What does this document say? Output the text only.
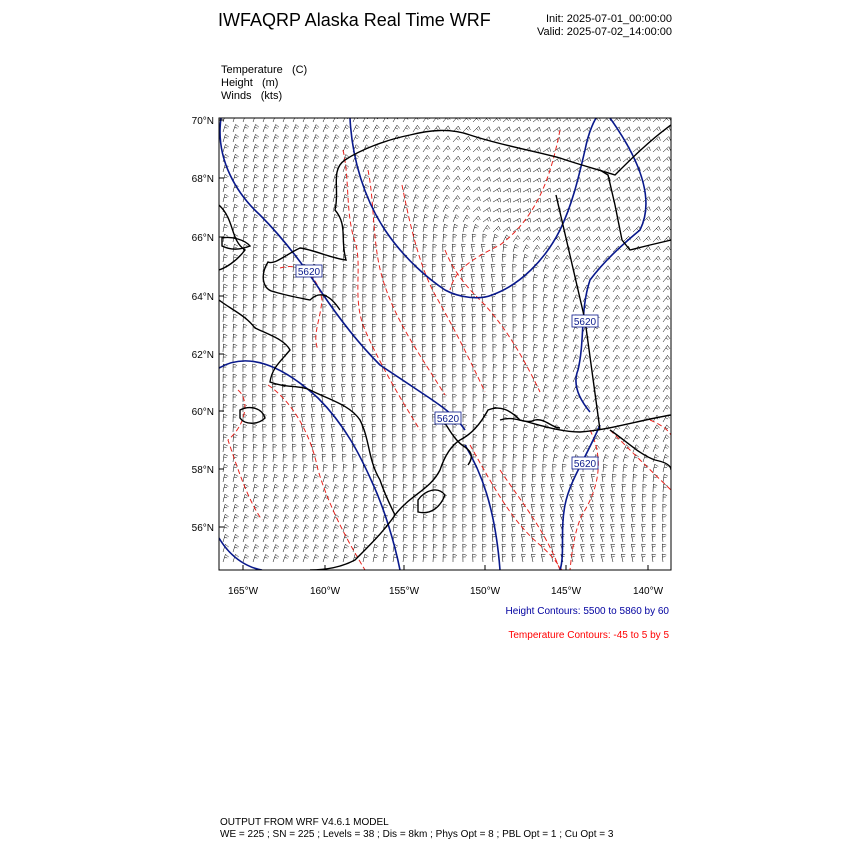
IWFAQRP Alaska Real Time WRF	Init: 2025-07-01_00:00:00
Valid: 2025-07-02_14:00:00
Temperature (C)
Height (m)
Winds (kts)
5620
5620
5620
5620
70°N
68°N
66°N
64°N
62°N
60°N
58°N
56°N
165°W	160°W	155°W	150°W	145°W	140°W
Height Contours: 5500 to 5860 by 60
Temperature Contours: -45 to 5 by 5
OUTPUT FROM WRF V4.6.1 MODEL
WE = 225 ; SN = 225 ; Levels = 38 ; Dis = 8km ; Phys Opt = 8 ; PBL Opt = 1 ; Cu Opt = 3
